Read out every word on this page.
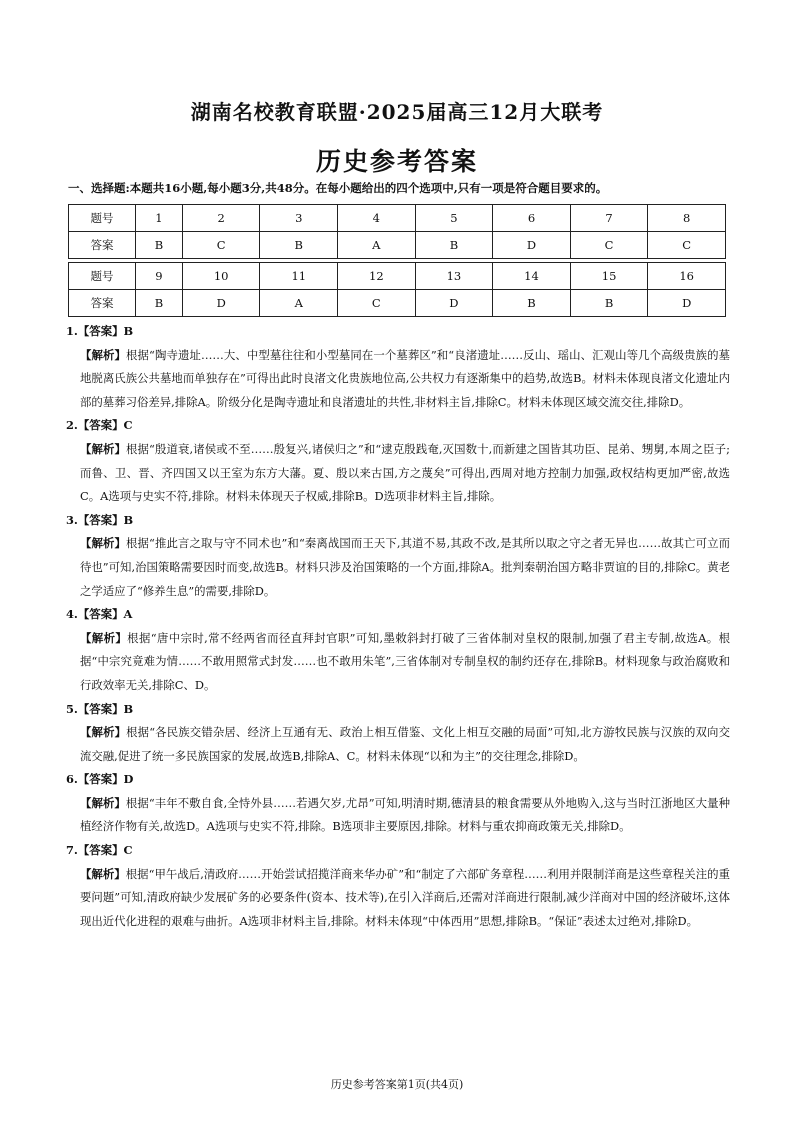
湖南名校教育联盟·2025届高三12月大联考
历史参考答案
一、选择题:本题共16小题,每小题3分,共48分。在每小题给出的四个选项中,只有一项是符合题目要求的。
题号	1	2	3	4	5	6	7	8
答案	B	C	B	A	B	D	C	C

题号	9	10	11	12	13	14	15	16
答案	B	D	A	C	D	B	B	D
1.【答案】B

【解析】根据“陶寺遗址……大、中型墓往往和小型墓同在一个墓葬区”和“良渚遗址……反山、瑶山、汇观山等几个高级贵族的墓地脱离氏族公共墓地而单独存在”可得出此时良渚文化贵族地位高,公共权力有逐渐集中的趋势,故选B。材料未体现良渚文化遗址内部的墓葬习俗差异,排除A。阶级分化是陶寺遗址和良渚遗址的共性,非材料主旨,排除C。材料未体现区域交流交往,排除D。

2.【答案】C

【解析】根据“殷道衰,诸侯或不至……殷复兴,诸侯归之”和“逮克殷践奄,灭国数十,而新建之国皆其功臣、昆弟、甥舅,本周之臣子;而鲁、卫、晋、齐四国又以王室为东方大藩。夏、殷以来古国,方之蔑矣”可得出,西周对地方控制力加强,政权结构更加严密,故选C。A选项与史实不符,排除。材料未体现天子权威,排除B。D选项非材料主旨,排除。

3.【答案】B

【解析】根据“推此言之取与守不同术也”和“秦离战国而王天下,其道不易,其政不改,是其所以取之守之者无异也……故其亡可立而待也”可知,治国策略需要因时而变,故选B。材料只涉及治国策略的一个方面,排除A。批判秦朝治国方略非贾谊的目的,排除C。黄老之学适应了“修养生息”的需要,排除D。

4.【答案】A

【解析】根据“唐中宗时,常不经两省而径直拜封官职”可知,墨敕斜封打破了三省体制对皇权的限制,加强了君主专制,故选A。根据“中宗究竟难为情……不敢用照常式封发……也不敢用朱笔”,三省体制对专制皇权的制约还存在,排除B。材料现象与政治腐败和行政效率无关,排除C、D。

5.【答案】B

【解析】根据“各民族交错杂居、经济上互通有无、政治上相互借鉴、文化上相互交融的局面”可知,北方游牧民族与汉族的双向交流交融,促进了统一多民族国家的发展,故选B,排除A、C。材料未体现“以和为主”的交往理念,排除D。

6.【答案】D

【解析】根据“丰年不敷自食,全恃外县……若遇欠岁,尤昂”可知,明清时期,德清县的粮食需要从外地购入,这与当时江浙地区大量种植经济作物有关,故选D。A选项与史实不符,排除。B选项非主要原因,排除。材料与重农抑商政策无关,排除D。

7.【答案】C

【解析】根据“甲午战后,清政府……开始尝试招揽洋商来华办矿”和“制定了六部矿务章程……利用并限制洋商是这些章程关注的重要问题”可知,清政府缺少发展矿务的必要条件(资本、技术等),在引入洋商后,还需对洋商进行限制,减少洋商对中国的经济破坏,这体现出近代化进程的艰难与曲折。A选项非材料主旨,排除。材料未体现“中体西用”思想,排除B。“保证”表述太过绝对,排除D。

历史参考答案第1页(共4页)
